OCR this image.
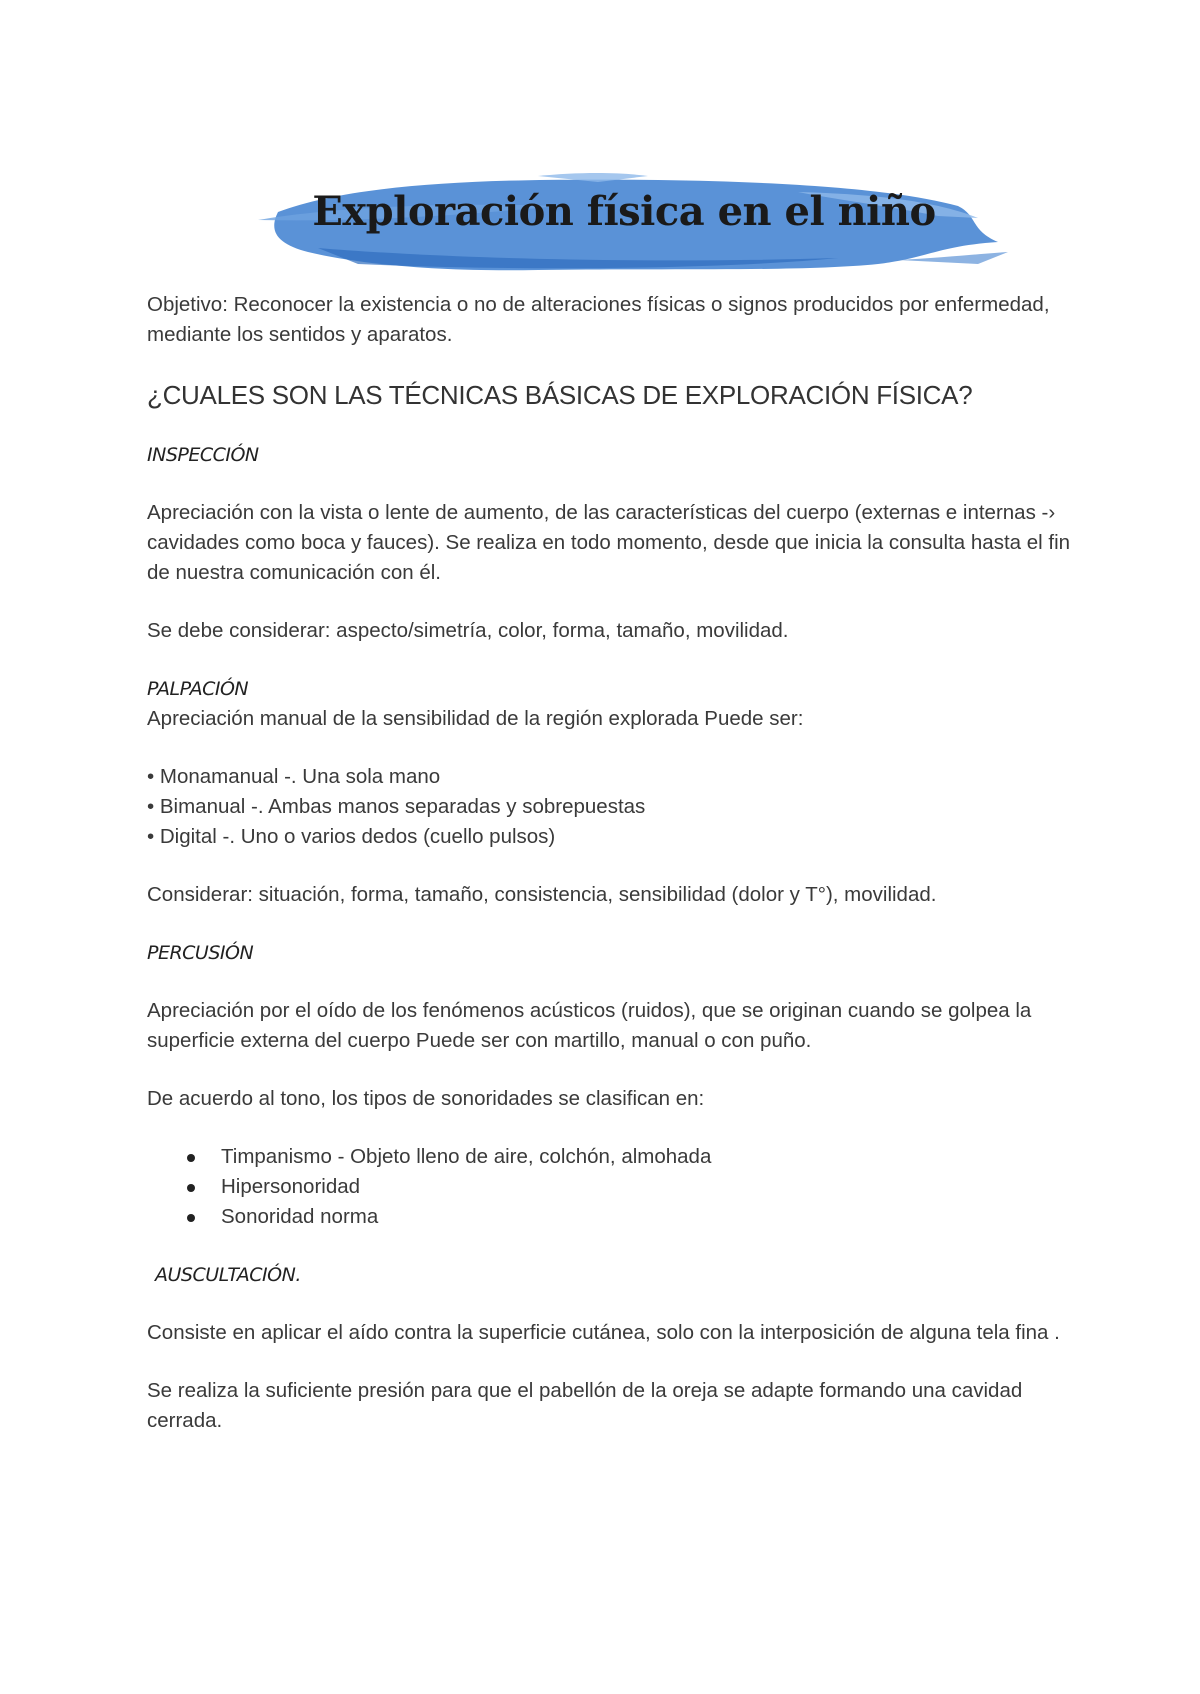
Exploración física en el niño

Objetivo: Reconocer la existencia o no de alteraciones físicas o signos producidos por enfermedad, mediante los sentidos y aparatos.

¿CUALES SON LAS TÉCNICAS BÁSICAS DE EXPLORACIÓN FÍSICA?
INSPECCIÓN

Apreciación con la vista o lente de aumento, de las características del cuerpo (externas e internas -› cavidades como boca y fauces). Se realiza en todo momento, desde que inicia la consulta hasta el fin de nuestra comunicación con él.

Se debe considerar: aspecto/simetría, color, forma, tamaño, movilidad.

PALPACIÓN

Apreciación manual de la sensibilidad de la región explorada Puede ser:

• Monamanual -. Una sola mano

• Bimanual -. Ambas manos separadas y sobrepuestas

• Digital -. Uno o varios dedos (cuello pulsos)

Considerar: situación, forma, tamaño, consistencia, sensibilidad (dolor y T°), movilidad.

PERCUSIÓN

Apreciación por el oído de los fenómenos acústicos (ruidos), que se originan cuando se golpea la superficie externa del cuerpo Puede ser con martillo, manual o con puño.

De acuerdo al tono, los tipos de sonoridades se clasifican en:

Timpanismo - Objeto lleno de aire, colchón, almohada
Hipersonoridad
Sonoridad norma
AUSCULTACIÓN.

Consiste en aplicar el aído contra la superficie cutánea, solo con la interposición de alguna tela fina .

Se realiza la suficiente presión para que el pabellón de la oreja se adapte formando una cavidad cerrada.
